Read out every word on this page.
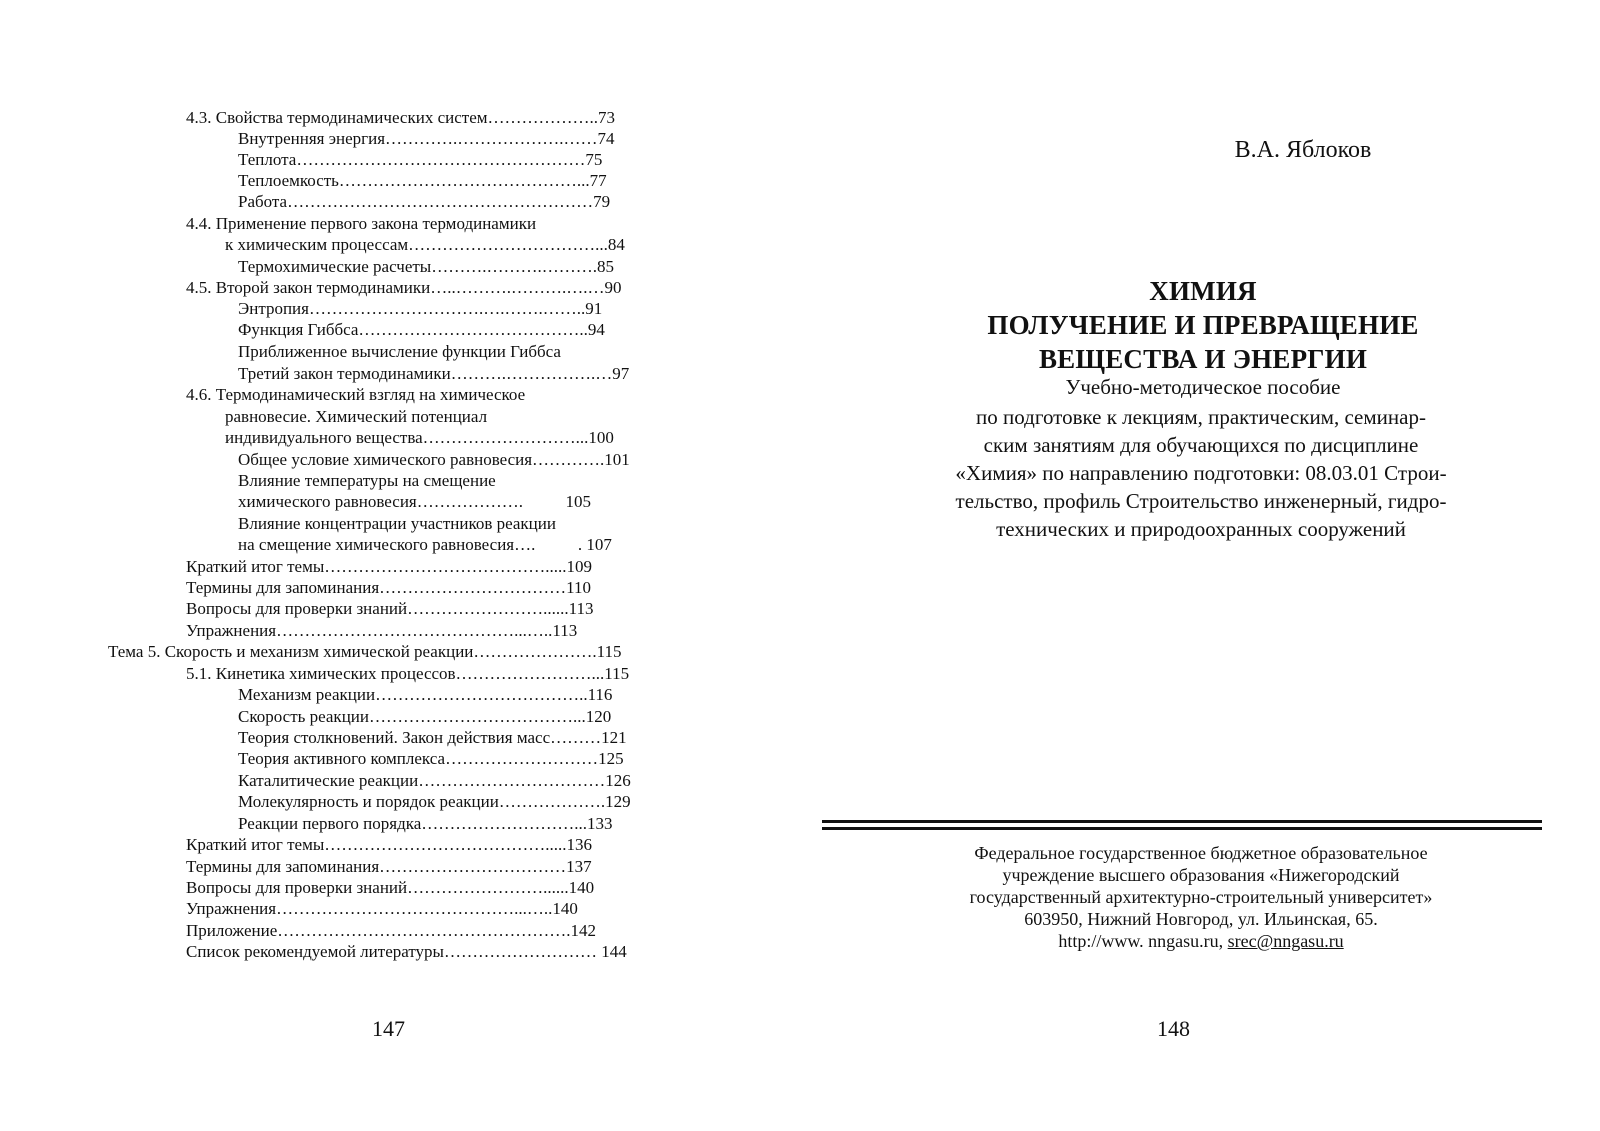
4.3. Свойства термодинамических систем………………..73
Внутренняя энергия………….……………….……74
Теплота……………………………………………75
Теплоемкость……………………………………...77
Работа………………………………………………79
4.4. Применение первого закона термодинамики
к химическим процессам……………………………...84
Термохимические расчеты……….……….……….85
4.5. Второй закон термодинамики…..……….……….….…90
Энтропия………………………….….…….……..91
Функция Гиббса…………………………………..94
Приближенное вычисление функции Гиббса
Третий закон термодинамики……….…………….…97
4.6. Термодинамический взгляд на химическое
равновесие. Химический потенциал
индивидуального вещества………………………...100
Общее условие химического равновесия………….101
Влияние температуры на смещение
химического равновесия……………….          105
Влияние концентрации участников реакции
на смещение химического равновесия….          . 107
Краткий итог темы………………………………….....109
Термины для запоминания……………………………110
Вопросы для проверки знаний……………………......113
Упражнения……………………………………...…..113
Тема 5. Скорость и механизм химической реакции………………….115
5.1. Кинетика химических процессов……………………...115
Механизм реакции………………………………..116
Скорость реакции………………………………...120
Теория столкновений. Закон действия масс………121
Теория активного комплекса………………………125
Каталитические реакции……………………………126
Молекулярность и порядок реакции……………….129
Реакции первого порядка………………………...133
Краткий итог темы………………………………….....136
Термины для запоминания……………………………137
Вопросы для проверки знаний……………………......140
Упражнения……………………………………...…..140
Приложение…………………………………………….142
Список рекомендуемой литературы……………………… 144
147
В.А. Яблоков
ХИМИЯ
ПОЛУЧЕНИЕ И ПРЕВРАЩЕНИЕ
ВЕЩЕСТВА И ЭНЕРГИИ
Учебно-методическое пособие
по подготовке к лекциям, практическим, семинар-
ским занятиям для обучающихся по дисциплине
«Химия» по направлению подготовки: 08.03.01 Строи-
тельство, профиль Строительство инженерный, гидро-
технических и природоохранных сооружений
Федеральное государственное бюджетное образовательное
учреждение высшего образования «Нижегородский
государственный архитектурно-строительный университет»
603950, Нижний Новгород, ул. Ильинская, 65.
http://www. nngasu.ru, srec@nngasu.ru
148
